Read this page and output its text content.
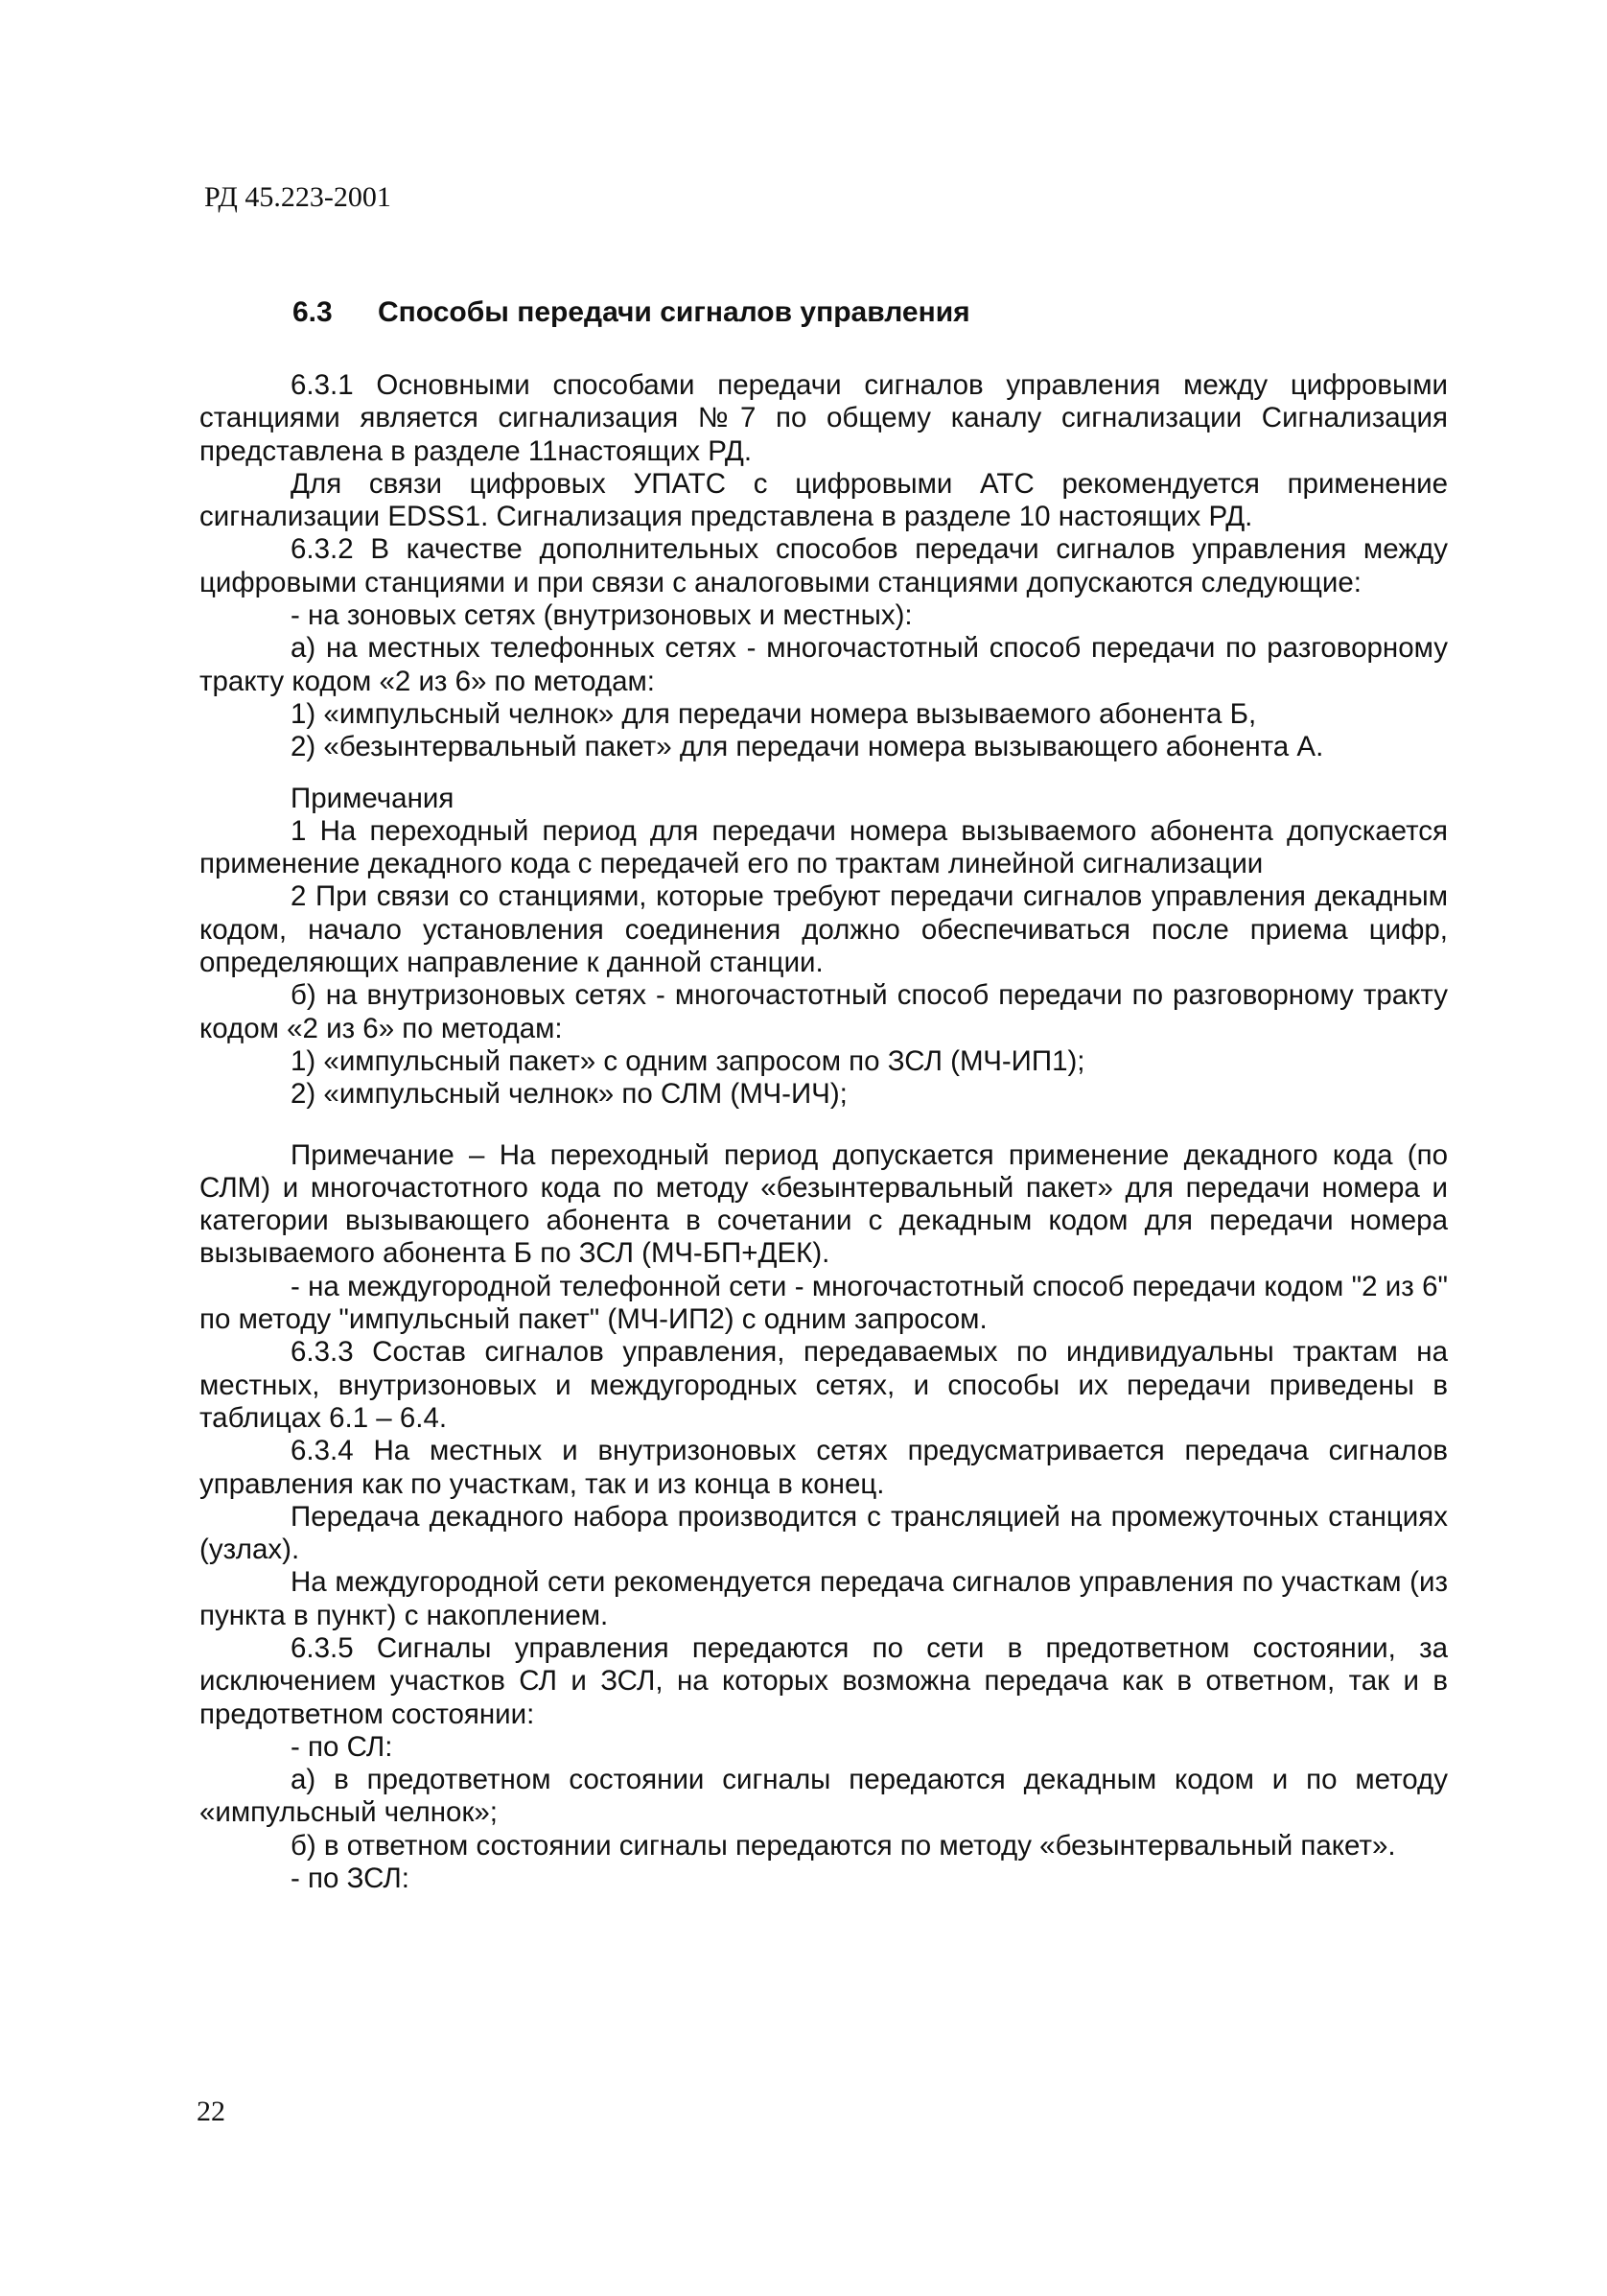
РД 45.223-2001
6.3 Способы передачи сигналов управления

6.3.1 Основными способами передачи сигналов управления между цифровыми станциями является сигнализация №7 по общему каналу сигнализации Сигнализация представлена в разделе 11настоящих РД.

Для связи цифровых УПАТС с цифровыми АТС рекомендуется применение сигнализации EDSS1. Сигнализация представлена в разделе 10 настоящих РД.

6.3.2 В качестве дополнительных способов передачи сигналов управления между цифровыми станциями и при связи с аналоговыми станциями допускаются следующие:

- на зоновых сетях (внутризоновых и местных):

а) на местных телефонных сетях - многочастотный способ передачи по разговорному тракту кодом «2 из 6» по методам:

1) «импульсный челнок» для передачи номера вызываемого абонента Б,

2) «безынтервальный пакет» для передачи номера вызывающего абонента А.

Примечания

1 На переходный период для передачи номера вызываемого абонента допускается применение декадного кода с передачей его по трактам линейной сигнализации

2 При связи со станциями, которые требуют передачи сигналов управления декадным кодом, начало установления соединения должно обеспечиваться после приема цифр, определяющих направление к данной станции.

б) на внутризоновых сетях - многочастотный способ передачи по разговорному тракту кодом «2 из 6» по методам:

1) «импульсный пакет» с одним запросом по ЗСЛ (МЧ-ИП1);

2) «импульсный челнок» по СЛМ (МЧ-ИЧ);

Примечание – На переходный период допускается применение декадного кода (по СЛМ) и многочастотного кода по методу «безынтервальный пакет» для передачи номера и категории вызывающего абонента в сочетании с декадным кодом для передачи номера вызываемого абонента Б по ЗСЛ (МЧ-БП+ДЕК).

- на междугородной телефонной сети - многочастотный способ передачи кодом "2 из 6" по методу "импульсный пакет" (МЧ-ИП2) с одним запросом.

6.3.3 Состав сигналов управления, передаваемых по индивидуальны трактам на местных, внутризоновых и междугородных сетях, и способы их передачи приведены в таблицах 6.1 – 6.4.

6.3.4 На местных и внутризоновых сетях предусматривается передача сигналов управления как по участкам, так и из конца в конец.

Передача декадного набора производится с трансляцией на промежуточных станциях (узлах).

На междугородной сети рекомендуется передача сигналов управления по участкам (из пункта в пункт) с накоплением.

6.3.5 Сигналы управления передаются по сети в предответном состоянии, за исключением участков СЛ и ЗСЛ, на которых возможна передача как в ответном, так и в предответном состоянии:

- по СЛ:

а) в предответном состоянии сигналы передаются декадным кодом и по методу «импульсный челнок»;

б) в ответном состоянии сигналы передаются по методу «безынтервальный пакет».

- по ЗСЛ:

22
